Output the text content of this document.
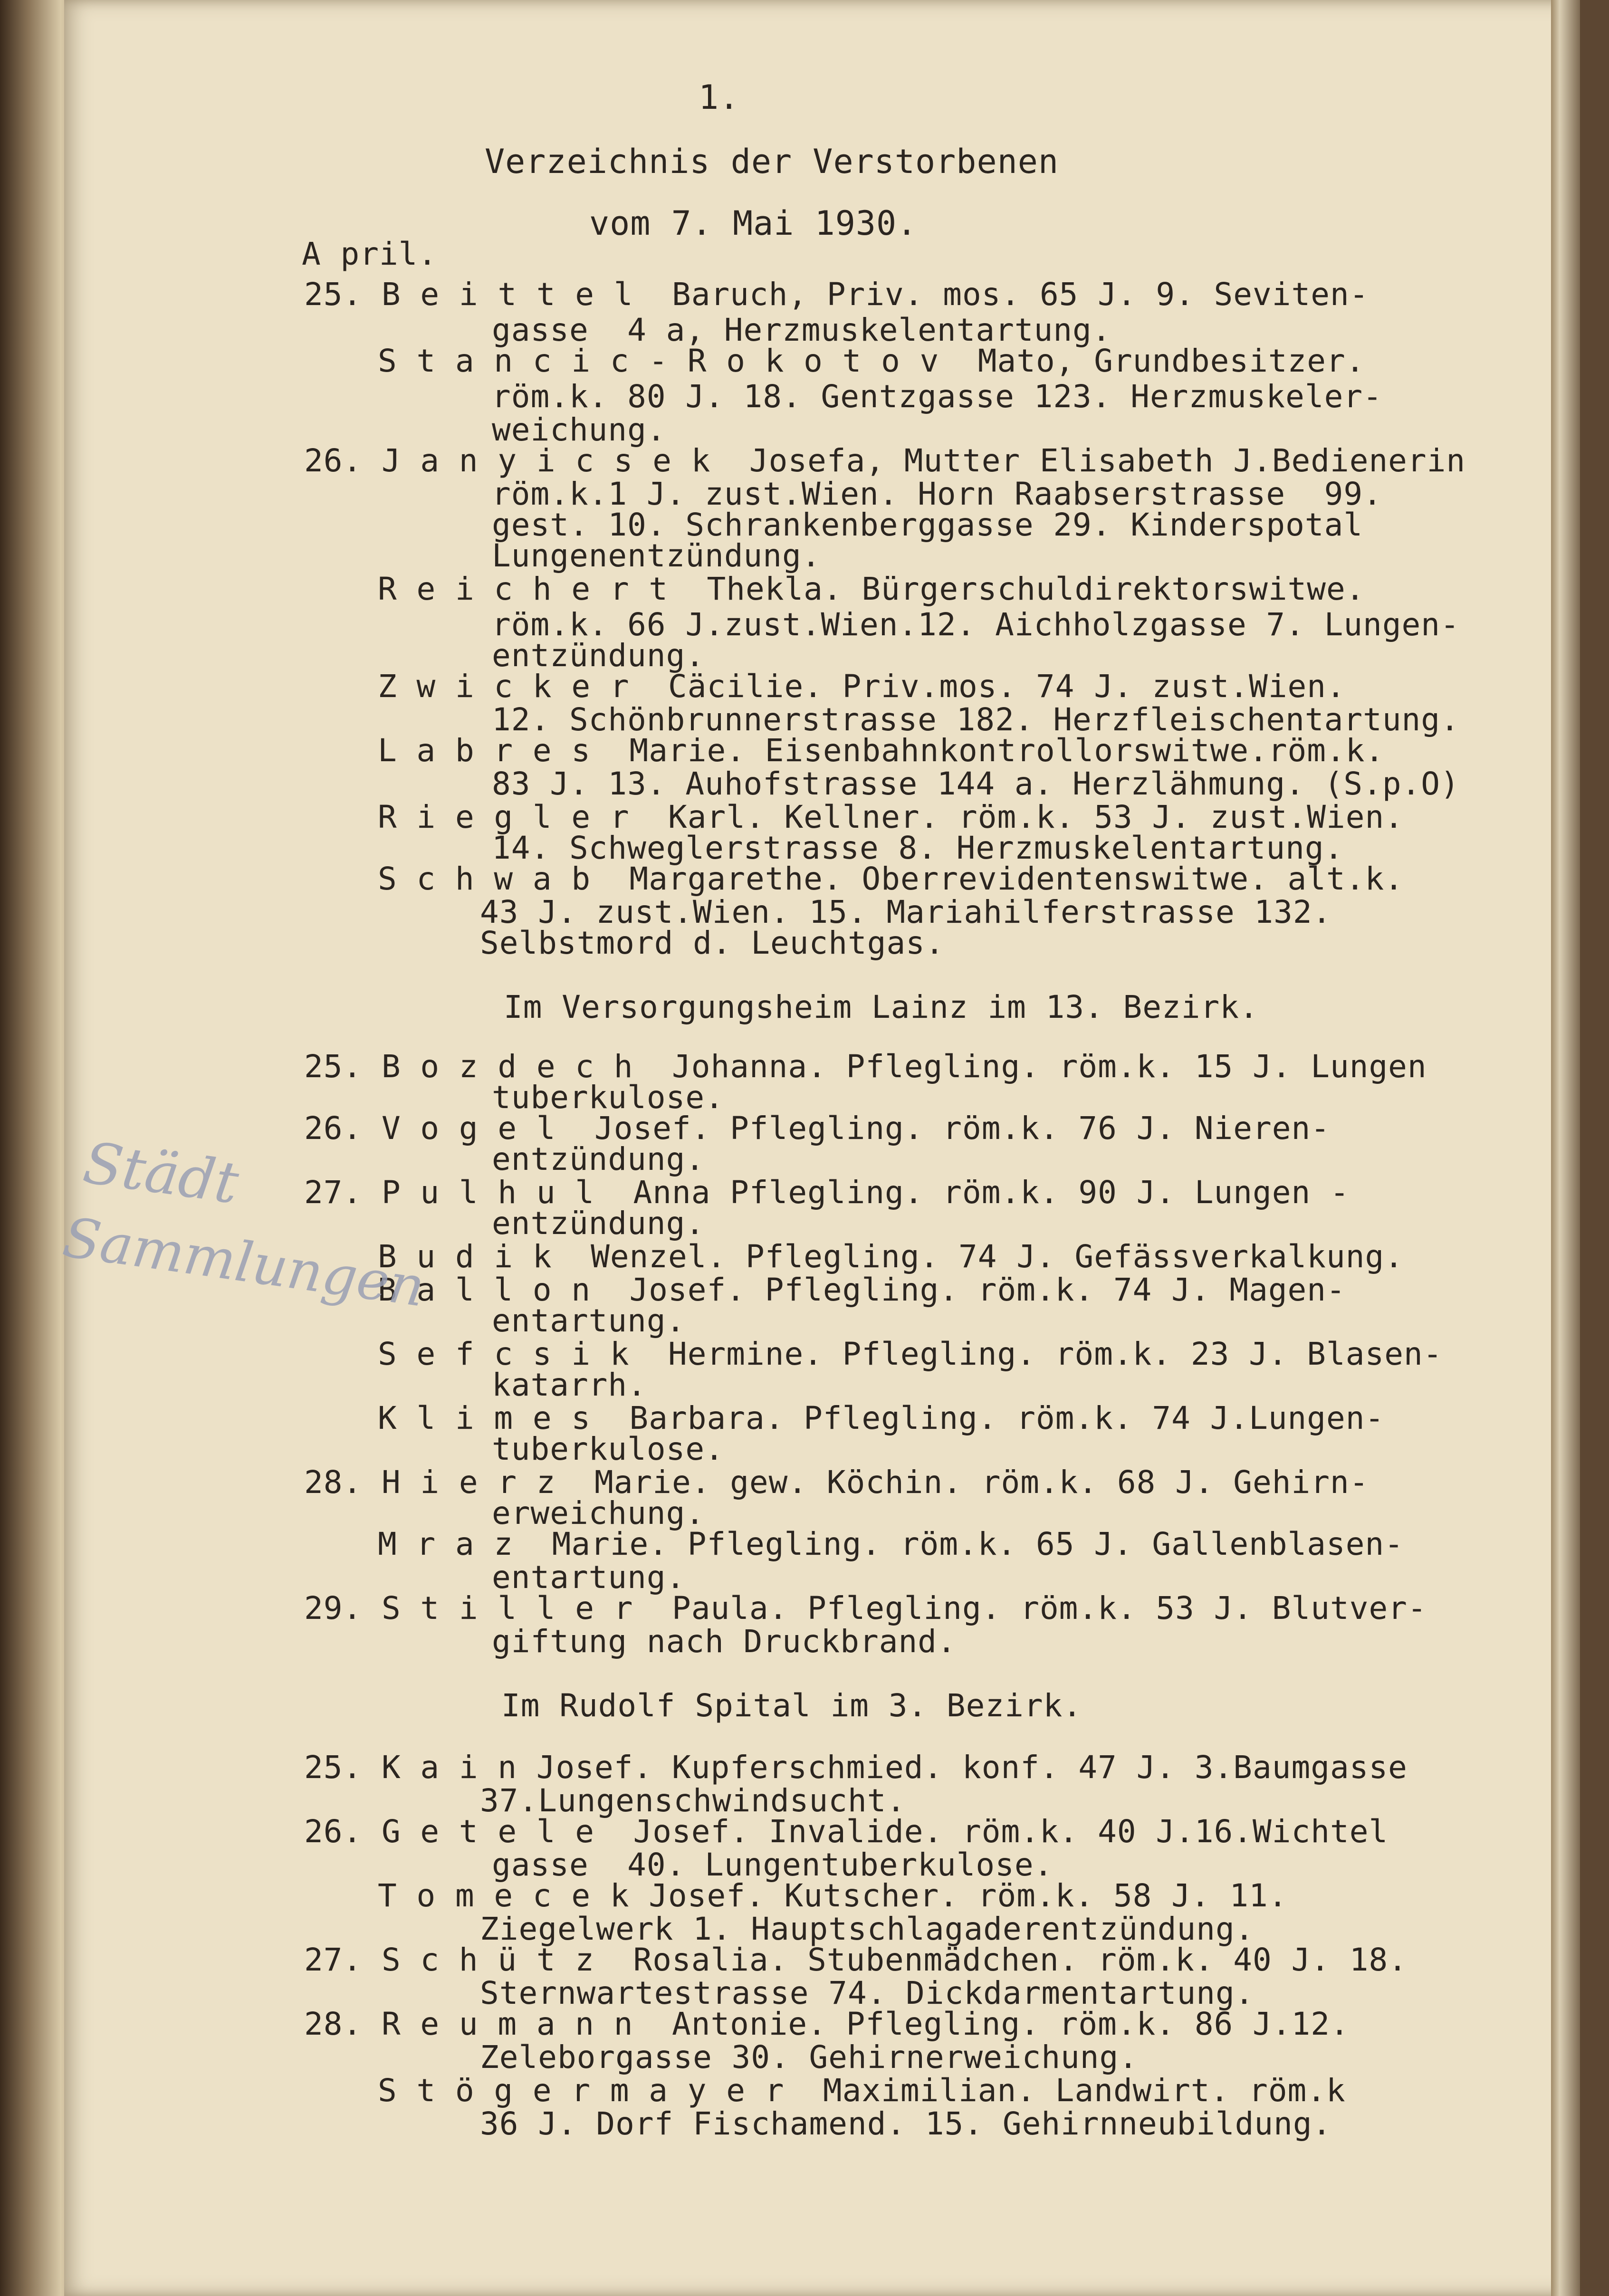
1.
Verzeichnis der Verstorbenen
vom 7. Mai 1930.
A pril.
25. B e i t t e l  Baruch, Priv. mos. 65 J. 9. Seviten-
gasse  4 a, Herzmuskelentartung.
S t a n c i c - R o k o t o v  Mato, Grundbesitzer.
röm.k. 80 J. 18. Gentzgasse 123. Herzmuskeler-
weichung.
26. J a n y i c s e k  Josefa, Mutter Elisabeth J.Bedienerin
röm.k.1 J. zust.Wien. Horn Raabserstrasse  99.
gest. 10. Schrankenberggasse 29. Kinderspotal
Lungenentzündung.
R e i c h e r t  Thekla. Bürgerschuldirektorswitwe.
röm.k. 66 J.zust.Wien.12. Aichholzgasse 7. Lungen-
entzündung.
Z w i c k e r  Cäcilie. Priv.mos. 74 J. zust.Wien.
12. Schönbrunnerstrasse 182. Herzfleischentartung.
L a b r e s  Marie. Eisenbahnkontrollorswitwe.röm.k.
83 J. 13. Auhofstrasse 144 a. Herzlähmung. (S.p.O)
R i e g l e r  Karl. Kellner. röm.k. 53 J. zust.Wien.
14. Schweglerstrasse 8. Herzmuskelentartung.
S c h w a b  Margarethe. Oberrevidentenswitwe. alt.k.
43 J. zust.Wien. 15. Mariahilferstrasse 132.
Selbstmord d. Leuchtgas.
Im Versorgungsheim Lainz im 13. Bezirk.
25. B o z d e c h  Johanna. Pflegling. röm.k. 15 J. Lungen
tuberkulose.
26. V o g e l  Josef. Pflegling. röm.k. 76 J. Nieren-
entzündung.
27. P u l h u l  Anna Pflegling. röm.k. 90 J. Lungen -
entzündung.
B u d i k  Wenzel. Pflegling. 74 J. Gefässverkalkung.
B a l l o n  Josef. Pflegling. röm.k. 74 J. Magen-
entartung.
S e f c s i k  Hermine. Pflegling. röm.k. 23 J. Blasen-
katarrh.
K l i m e s  Barbara. Pflegling. röm.k. 74 J.Lungen-
tuberkulose.
28. H i e r z  Marie. gew. Köchin. röm.k. 68 J. Gehirn-
erweichung.
M r a z  Marie. Pflegling. röm.k. 65 J. Gallenblasen-
entartung.
29. S t i l l e r  Paula. Pflegling. röm.k. 53 J. Blutver-
giftung nach Druckbrand.
Im Rudolf Spital im 3. Bezirk.
25. K a i n Josef. Kupferschmied. konf. 47 J. 3.Baumgasse
37.Lungenschwindsucht.
26. G e t e l e  Josef. Invalide. röm.k. 40 J.16.Wichtel
gasse  40. Lungentuberkulose.
T o m e c e k Josef. Kutscher. röm.k. 58 J. 11.
Ziegelwerk 1. Hauptschlagaderentzündung.
27. S c h ü t z  Rosalia. Stubenmädchen. röm.k. 40 J. 18.
Sternwartestrasse 74. Dickdarmentartung.
28. R e u m a n n  Antonie. Pflegling. röm.k. 86 J.12.
Zeleborgasse 30. Gehirnerweichung.
S t ö g e r m a y e r  Maximilian. Landwirt. röm.k
36 J. Dorf Fischamend. 15. Gehirnneubildung.
Städt
Sammlungen
